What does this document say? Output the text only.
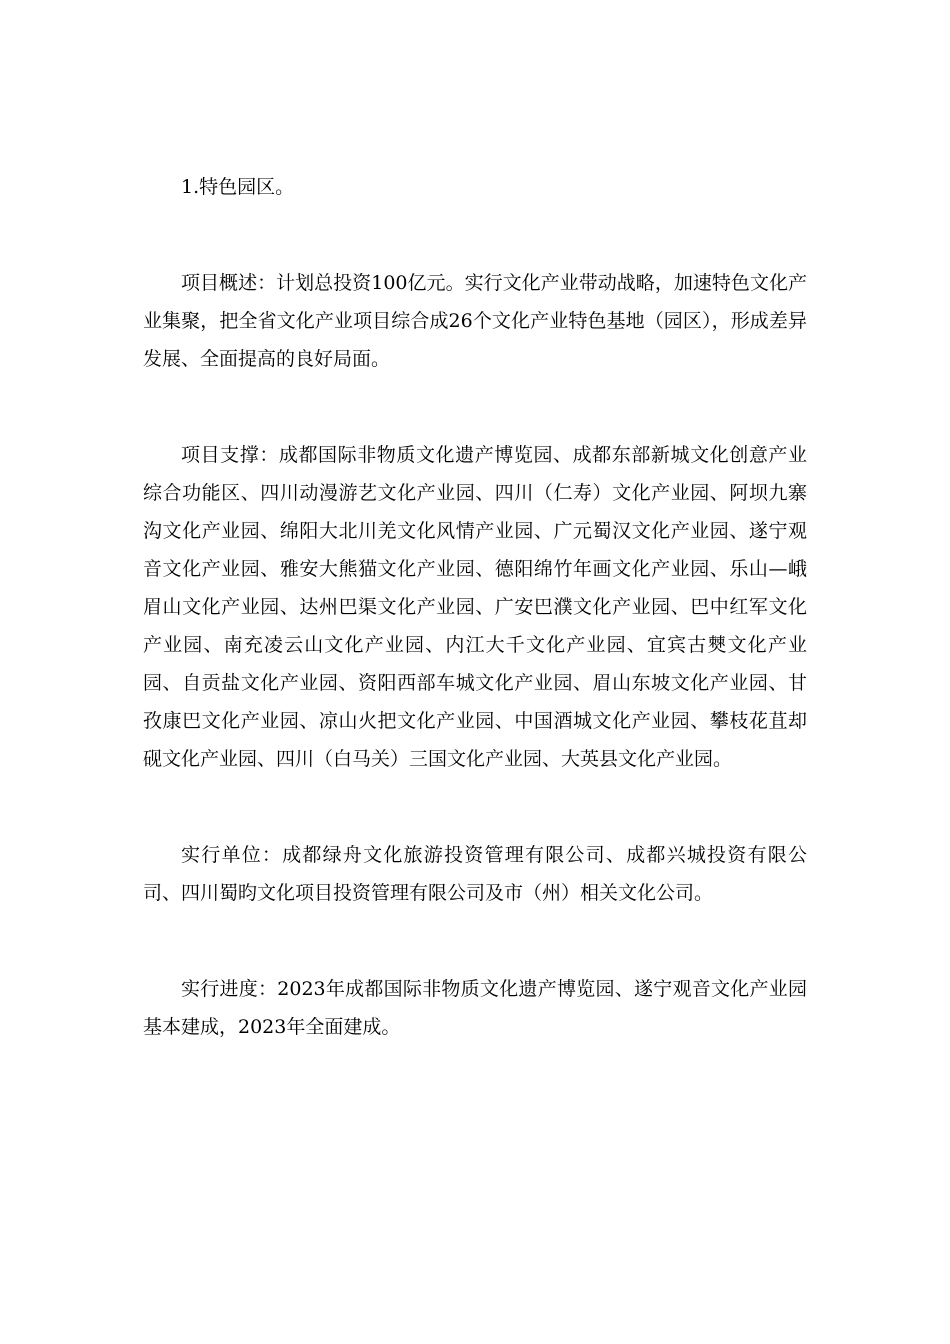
1.特色园区。

项目概述：计划总投资100亿元。实行文化产业带动战略，加速特色文化产业集聚，把全省文化产业项目综合成26个文化产业特色基地（园区），形成差异发展、全面提高的良好局面。

项目支撑：成都国际非物质文化遗产博览园、成都东部新城文化创意产业综合功能区、四川动漫游艺文化产业园、四川（仁寿）文化产业园、阿坝九寨沟文化产业园、绵阳大北川羌文化风情产业园、广元蜀汉文化产业园、遂宁观音文化产业园、雅安大熊猫文化产业园、德阳绵竹年画文化产业园、乐山—峨眉山文化产业园、达州巴渠文化产业园、广安巴濮文化产业园、巴中红军文化产业园、南充凌云山文化产业园、内江大千文化产业园、宜宾古僰文化产业园、自贡盐文化产业园、资阳西部车城文化产业园、眉山东坡文化产业园、甘孜康巴文化产业园、凉山火把文化产业园、中国酒城文化产业园、攀枝花苴却砚文化产业园、四川（白马关）三国文化产业园、大英县文化产业园。

实行单位：成都绿舟文化旅游投资管理有限公司、成都兴城投资有限公司、四川蜀昀文化项目投资管理有限公司及市（州）相关文化公司。

实行进度：2023年成都国际非物质文化遗产博览园、遂宁观音文化产业园基本建成，2023年全面建成。
